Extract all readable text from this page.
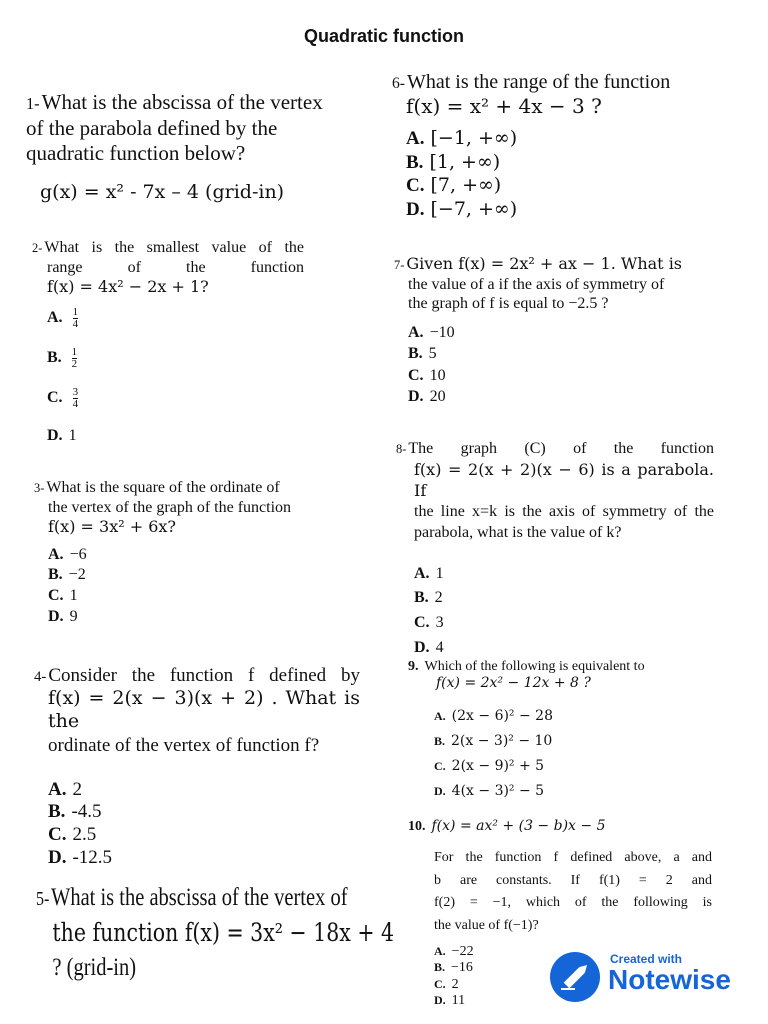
Quadratic function
1-What is the abscissa of the vertex of the parabola defined by the quadratic function below?
g(x) = x² - 7x – 4 (grid-in)
2- What is the smallest value of the
range of the function
f(x) = 4x² − 2x + 1?
A. $\frac{1}{4}$
B. $\frac{1}{2}$
C. $\frac{3}{4}$
D. 1
3- What is the square of the ordinate of
the vertex of the graph of the function
f(x) = 3x² + 6x?
A. −6
B. −2
C. 1
D. 9
4- Consider the function f defined by
f(x) = 2(x − 3)(x + 2) . What is the
ordinate of the vertex of function f?
A. 2
B. -4.5
C. 2.5
D. -12.5
5-What is the abscissa of the vertex of
the function f(x) = 3x² − 18x + 4
? (grid-in)
6- What is the range of the function
f(x) = x² + 4x − 3 ?
A. [−1, +∞)
B. [1, +∞)
C. [7, +∞)
D. [−7, +∞)
7- Given f(x) = 2x² + ax − 1. What is
the value of a if the axis of symmetry of
the graph of f is equal to −2.5 ?
A. −10
B. 5
C. 10
D. 20
8- The graph (C) of the function
f(x) = 2(x + 2)(x − 6) is a parabola. If
the line x=k is the axis of symmetry of the
parabola, what is the value of k?
A. 1
B. 2
C. 3
D. 4
9. Which of the following is equivalent to
f(x) = 2x² − 12x + 8 ?
A. (2x − 6)² − 28
B. 2(x − 3)² − 10
C. 2(x − 9)² + 5
D. 4(x − 3)² − 5
10. f(x) = ax² + (3 − b)x − 5
For the function f defined above, a and
b are constants. If f(1) = 2 and
f(2) = −1, which of the following is
the value of f(−1)?
A. −22
B. −16
C. 2
D. 11
Created with
Notewise
